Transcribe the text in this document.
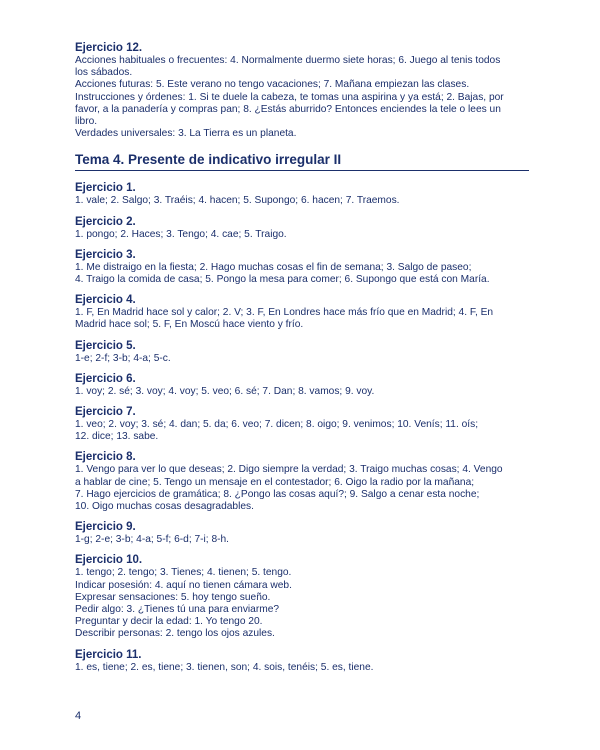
Ejercicio 12.

Acciones habituales o frecuentes: 4. Normalmente duermo siete horas; 6. Juego al tenis todos

los sábados.

Acciones futuras: 5. Este verano no tengo vacaciones; 7. Mañana empiezan las clases.

Instrucciones y órdenes: 1. Si te duele la cabeza, te tomas una aspirina y ya está; 2. Bajas, por

favor, a la panadería y compras pan; 8. ¿Estás aburrido? Entonces enciendes la tele o lees un

libro.

Verdades universales: 3. La Tierra es un planeta.

Tema 4. Presente de indicativo irregular II

Ejercicio 1.

1. vale; 2. Salgo; 3. Traéis; 4. hacen; 5. Supongo; 6. hacen; 7. Traemos.

Ejercicio 2.

1. pongo; 2. Haces; 3. Tengo; 4. cae; 5. Traigo.

Ejercicio 3.

1. Me distraigo en la fiesta; 2. Hago muchas cosas el fin de semana; 3. Salgo de paseo;

4. Traigo la comida de casa; 5. Pongo la mesa para comer; 6. Supongo que está con María.

Ejercicio 4.

1. F, En Madrid hace sol y calor; 2. V; 3. F, En Londres hace más frío que en Madrid; 4. F, En

Madrid hace sol; 5. F, En Moscú hace viento y frío.

Ejercicio 5.

1-e; 2-f; 3-b; 4-a; 5-c.

Ejercicio 6.

1. voy; 2. sé; 3. voy; 4. voy; 5. veo; 6. sé; 7. Dan; 8. vamos; 9. voy.

Ejercicio 7.

1. veo; 2. voy; 3. sé; 4. dan; 5. da; 6. veo; 7. dicen; 8. oigo; 9. venimos; 10. Venís; 11. oís;

12. dice; 13. sabe.

Ejercicio 8.

1. Vengo para ver lo que deseas; 2. Digo siempre la verdad; 3. Traigo muchas cosas; 4. Vengo

a hablar de cine; 5. Tengo un mensaje en el contestador; 6. Oigo la radio por la mañana;

7. Hago ejercicios de gramática; 8. ¿Pongo las cosas aquí?; 9. Salgo a cenar esta noche;

10. Oigo muchas cosas desagradables.

Ejercicio 9.

1-g; 2-e; 3-b; 4-a; 5-f; 6-d; 7-i; 8-h.

Ejercicio 10.

1. tengo; 2. tengo; 3. Tienes; 4. tienen; 5. tengo.

Indicar posesión: 4. aquí no tienen cámara web.

Expresar sensaciones: 5. hoy tengo sueño.

Pedir algo: 3. ¿Tienes tú una para enviarme?

Preguntar y decir la edad: 1. Yo tengo 20.

Describir personas: 2. tengo los ojos azules.

Ejercicio 11.

1. es, tiene; 2. es, tiene; 3. tienen, son; 4. sois, tenéis; 5. es, tiene.

4
